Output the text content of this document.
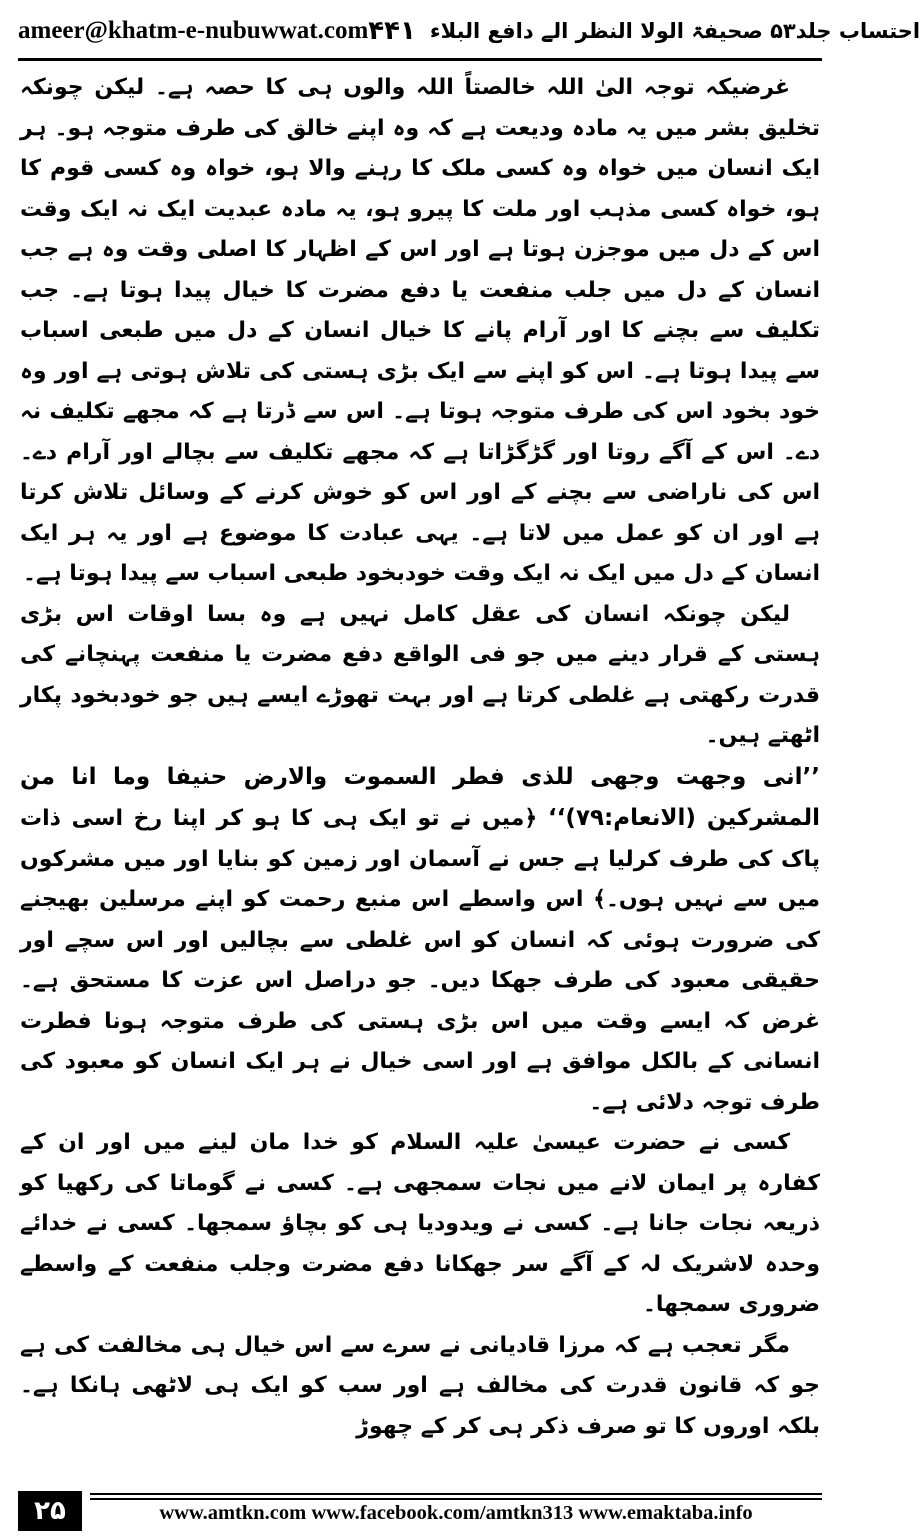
ameer@khatm-e-nubuwwat.com	احتساب جلد۵۳ صحیفۃ الولا النظر الے دافع البلاء
۴۴۱

غرضیکہ توجہ الیٰ اللہ خالصتاً اللہ والوں ہی کا حصہ ہے۔ لیکن چونکہ تخلیق بشر میں یہ مادہ ودیعت ہے کہ وہ اپنے خالق کی طرف متوجہ ہو۔ ہر ایک انسان میں خواہ وہ کسی ملک کا رہنے والا ہو، خواہ وہ کسی قوم کا ہو، خواہ کسی مذہب اور ملت کا پیرو ہو، یہ مادہ عبدیت ایک نہ ایک وقت اس کے دل میں موجزن ہوتا ہے اور اس کے اظہار کا اصلی وقت وہ ہے جب انسان کے دل میں جلب منفعت یا دفع مضرت کا خیال پیدا ہوتا ہے۔ جب تکلیف سے بچنے کا اور آرام پانے کا خیال انسان کے دل میں طبعی اسباب سے پیدا ہوتا ہے۔ اس کو اپنے سے ایک بڑی ہستی کی تلاش ہوتی ہے اور وہ خود بخود اس کی طرف متوجہ ہوتا ہے۔ اس سے ڈرتا ہے کہ مجھے تکلیف نہ دے۔ اس کے آگے روتا اور گڑگڑاتا ہے کہ مجھے تکلیف سے بچالے اور آرام دے۔ اس کی ناراضی سے بچنے کے اور اس کو خوش کرنے کے وسائل تلاش کرتا ہے اور ان کو عمل میں لاتا ہے۔ یہی عبادت کا موضوع ہے اور یہ ہر ایک انسان کے دل میں ایک نہ ایک وقت خودبخود طبعی اسباب سے پیدا ہوتا ہے۔

لیکن چونکہ انسان کی عقل کامل نہیں ہے وہ بسا اوقات اس بڑی ہستی کے قرار دینے میں جو فی الواقع دفع مضرت یا منفعت پہنچانے کی قدرت رکھتی ہے غلطی کرتا ہے اور بہت تھوڑے ایسے ہیں جو خودبخود پکار اٹھتے ہیں۔

’’انی وجهت وجهی للذی فطر السموت والارض حنیفا وما انا من المشرکین (الانعام:۷۹)‘‘ ﴿میں نے تو ایک ہی کا ہو کر اپنا رخ اسی ذات پاک کی طرف کرلیا ہے جس نے آسمان اور زمین کو بنایا اور میں مشرکوں میں سے نہیں ہوں۔﴾ اس واسطے اس منبع رحمت کو اپنے مرسلین بھیجنے کی ضرورت ہوئی کہ انسان کو اس غلطی سے بچالیں اور اس سچے اور حقیقی معبود کی طرف جھکا دیں۔ جو دراصل اس عزت کا مستحق ہے۔ غرض کہ ایسے وقت میں اس بڑی ہستی کی طرف متوجہ ہونا فطرت انسانی کے بالکل موافق ہے اور اسی خیال نے ہر ایک انسان کو معبود کی طرف توجہ دلائی ہے۔

کسی نے حضرت عیسیٰ علیہ السلام کو خدا مان لینے میں اور ان کے کفارہ پر ایمان لانے میں نجات سمجھی ہے۔ کسی نے گوماتا کی رکھیا کو ذریعہ نجات جانا ہے۔ کسی نے ویدودیا ہی کو بچاؤ سمجھا۔ کسی نے خدائے وحدہ لاشریک لہ کے آگے سر جھکانا دفع مضرت وجلب منفعت کے واسطے ضروری سمجھا۔

مگر تعجب ہے کہ مرزا قادیانی نے سرے سے اس خیال ہی مخالفت کی ہے جو کہ قانون قدرت کی مخالف ہے اور سب کو ایک ہی لاٹھی ہانکا ہے۔ بلکہ اوروں کا تو صرف ذکر ہی کر کے چھوڑ

۲۵	www.amtkn.com www.facebook.com/amtkn313 www.emaktaba.info
